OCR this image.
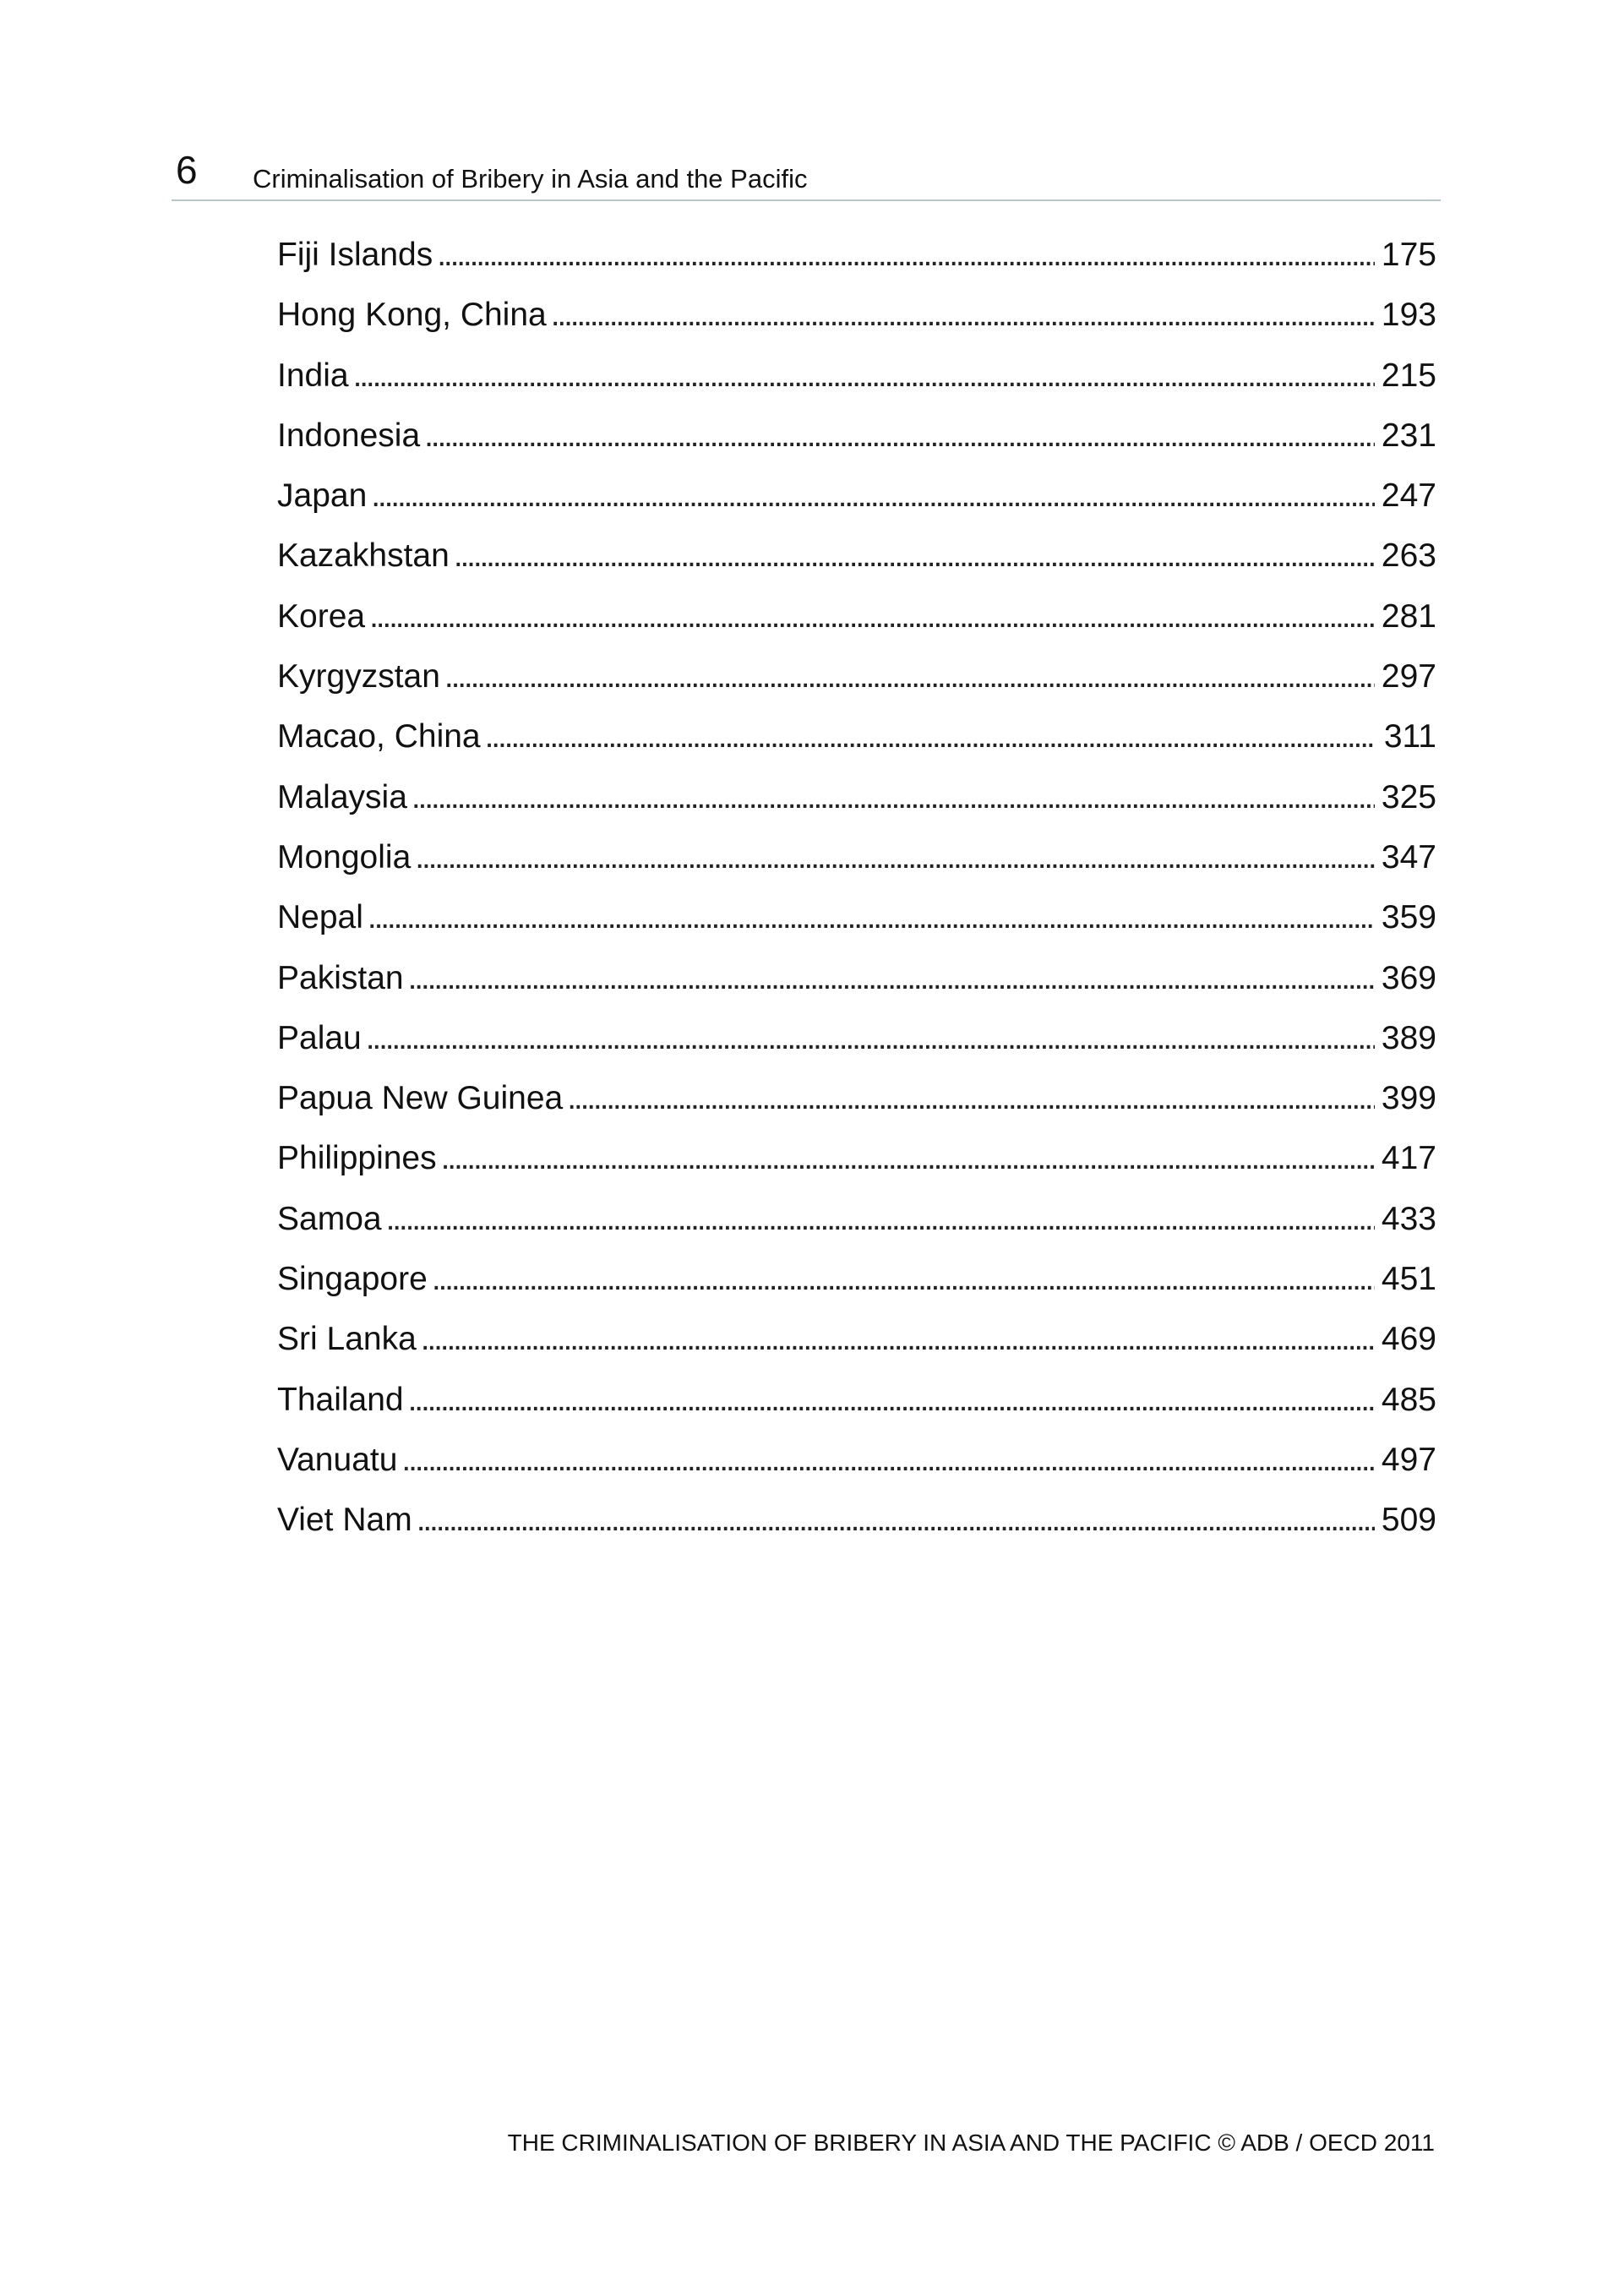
6 Criminalisation of Bribery in Asia and the Pacific
Fiji Islands . . .	175
Hong Kong, China . . .	193
India . . .	215
Indonesia . . .	231
Japan . . .	247
Kazakhstan . . .	263
Korea . . .	281
Kyrgyzstan . . .	297
Macao, China . . .	311
Malaysia . . .	325
Mongolia . . .	347
Nepal . . .	359
Pakistan . . .	369
Palau . . .	389
Papua New Guinea . . .	399
Philippines . . .	417
Samoa . . .	433
Singapore . . .	451
Sri Lanka . . .	469
Thailand . . .	485
Vanuatu . . .	497
Viet Nam . . .	509
THE CRIMINALISATION OF BRIBERY IN ASIA AND THE PACIFIC © ADB / OECD 2011
